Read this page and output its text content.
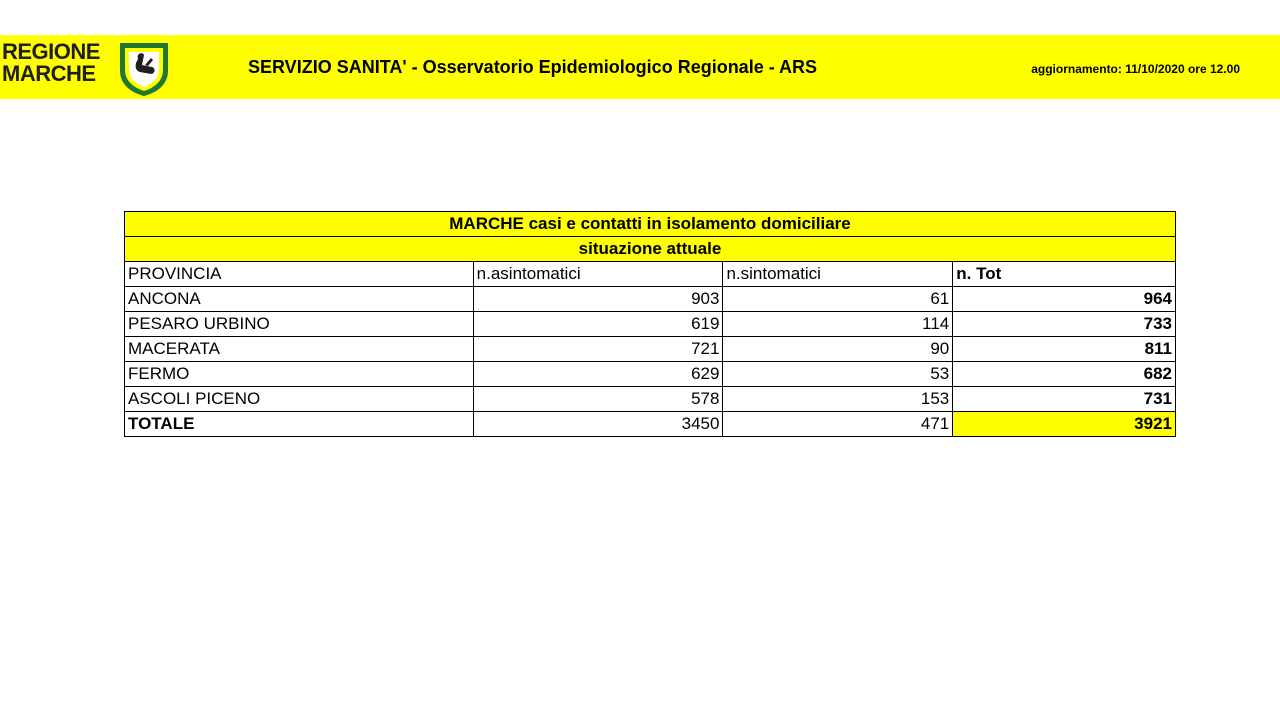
REGIONE
MARCHE	SERVIZIO SANITA' - Osservatorio Epidemiologico Regionale - ARS	aggiornamento: 11/10/2020 ore 12.00
MARCHE casi e contatti in isolamento domiciliare			
situazione attuale			
PROVINCIA	n.asintomatici	n.sintomatici	n. Tot
ANCONA	903	61	964
PESARO URBINO	619	114	733
MACERATA	721	90	811
FERMO	629	53	682
ASCOLI PICENO	578	153	731
TOTALE	3450	471	3921
